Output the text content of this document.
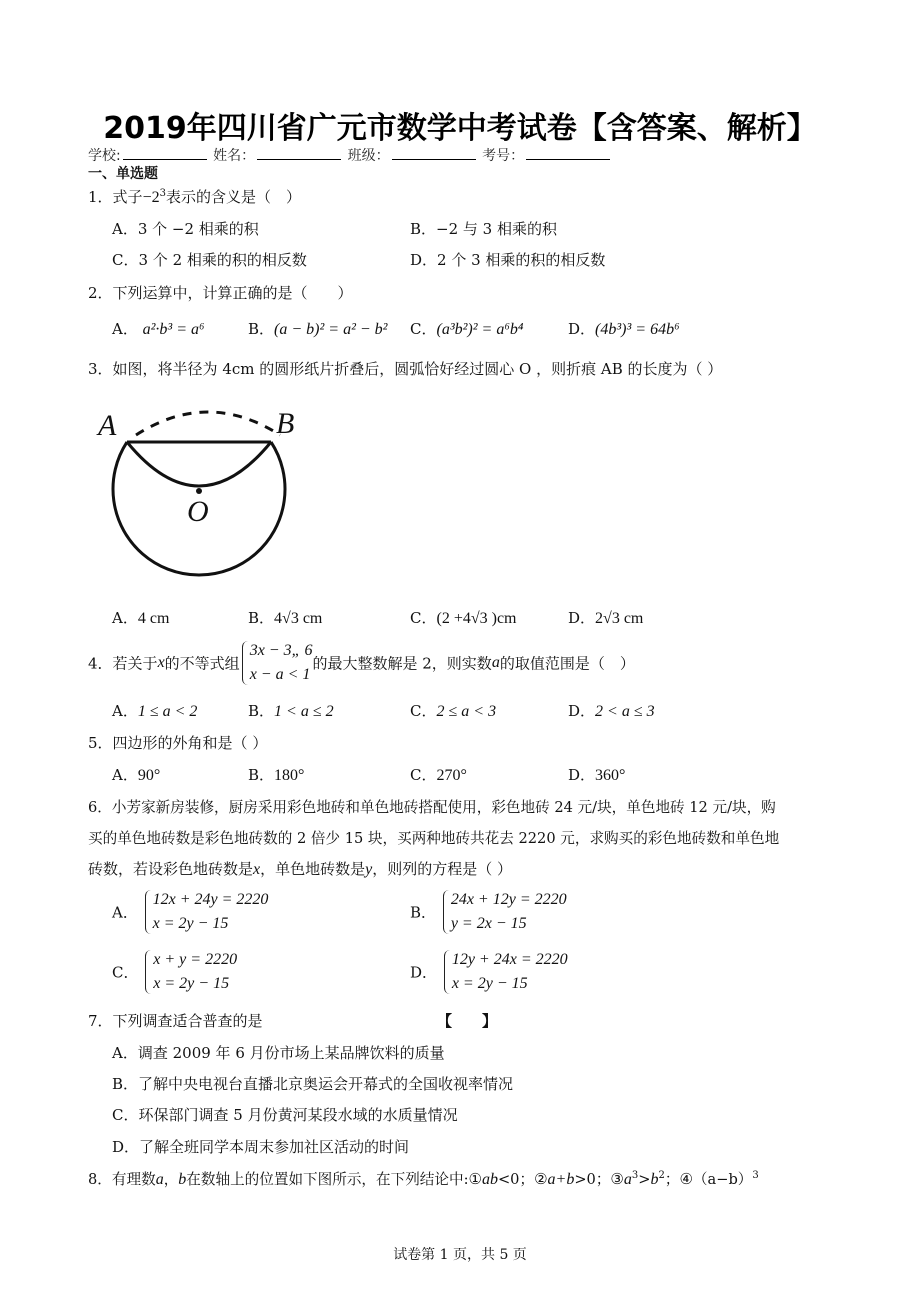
2019年四川省广元市数学中考试卷【含答案、解析】
学校:	姓名：	班级：	考号：
一、单选题
1．式子$-2^3$表示的含义是（　）
A．3 个 −2 相乘的积	B．−2 与 3 相乘的积
C．3 个 2 相乘的积的相反数	D．2 个 3 相乘的积的相反数
2．下列运算中，计算正确的是（　　）
A． a²·b³ = a⁶	B．(a − b)² = a² − b² C．(a³b²)² = a⁶b⁴	D．(4b³)³ = 64b⁶
3．如图，将半径为 4cm 的圆形纸片折叠后，圆弧恰好经过圆心 O ，则折痕 AB 的长度为（ ）
A	B
O
A．4 cm	B．4√3 cm	C．(2 +4√3 )cm	D．2√3 cm
4．若关于x的不等式组
3x − 3„ 6
x − a < 1
的最大整数解是 2，则实数a的取值范围是（　）
A．1 ≤ a < 2	B．1 < a ≤ 2	C．2 ≤ a < 3	D．2 < a ≤ 3
5．四边形的外角和是（ ）
A．90°	B．180°	C．270°	D．360°
6．小芳家新房装修，厨房采用彩色地砖和单色地砖搭配使用，彩色地砖 24 元/块，单色地砖 12 元/块，购
买的单色地砖数是彩色地砖数的 2 倍少 15 块，买两种地砖共花去 2220 元，求购买的彩色地砖数和单色地
砖数，若设彩色地砖数是x，单色地砖数是y，则列的方程是（ ）
A．
12x + 24y = 2220
x = 2y − 15
B．
24x + 12y = 2220
y = 2x − 15
C．
x + y = 2220
x = 2y − 15
D．
12y + 24x = 2220
x = 2y − 15
7．下列调查适合普查的是	【　　】
A．调查 2009 年 6 月份市场上某品牌饮料的质量
B．了解中央电视台直播北京奥运会开幕式的全国收视率情况
C．环保部门调查 5 月份黄河某段水域的水质量情况
D．了解全班同学本周末参加社区活动的时间
8．有理数a，b在数轴上的位置如下图所示，在下列结论中:①ab<0；②a+b>0；$③a^3>b^2$；$④(a-b)^3$
试卷第 1 页，共 5 页
